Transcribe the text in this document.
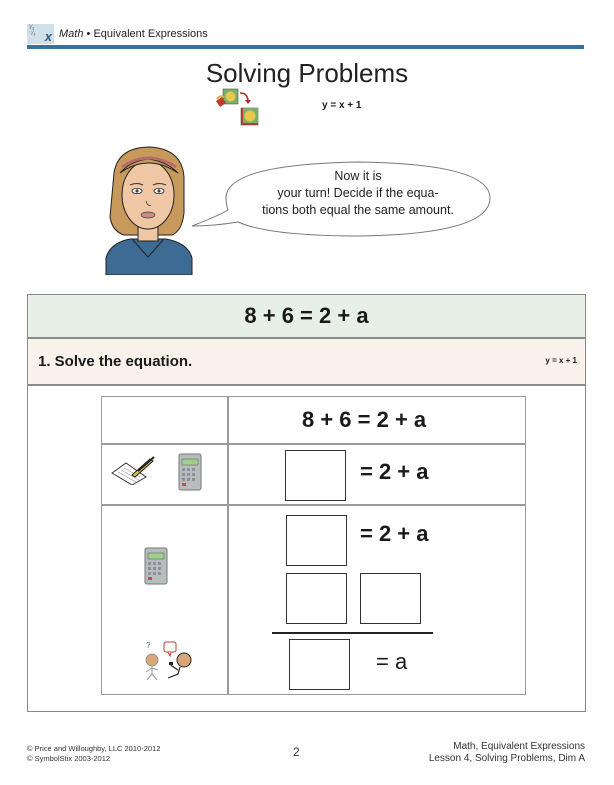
¹⁄₂
⁻⁄₃ x Math • Equivalent Expressions
Solving Problems
y = x + 1
Now it is
your turn! Decide if the equa-
tions both equal the same amount.
8 + 6 = 2 + a
1. Solve the equation.	y = x + 1
8 + 6 = 2 + a
= 2 + a
?
= 2 + a
= a
© Price and Willoughby, LLC 2010-2012
© SymbolStix 2003-2012	2	Math, Equivalent Expressions
Lesson 4, Solving Problems, Dim A
